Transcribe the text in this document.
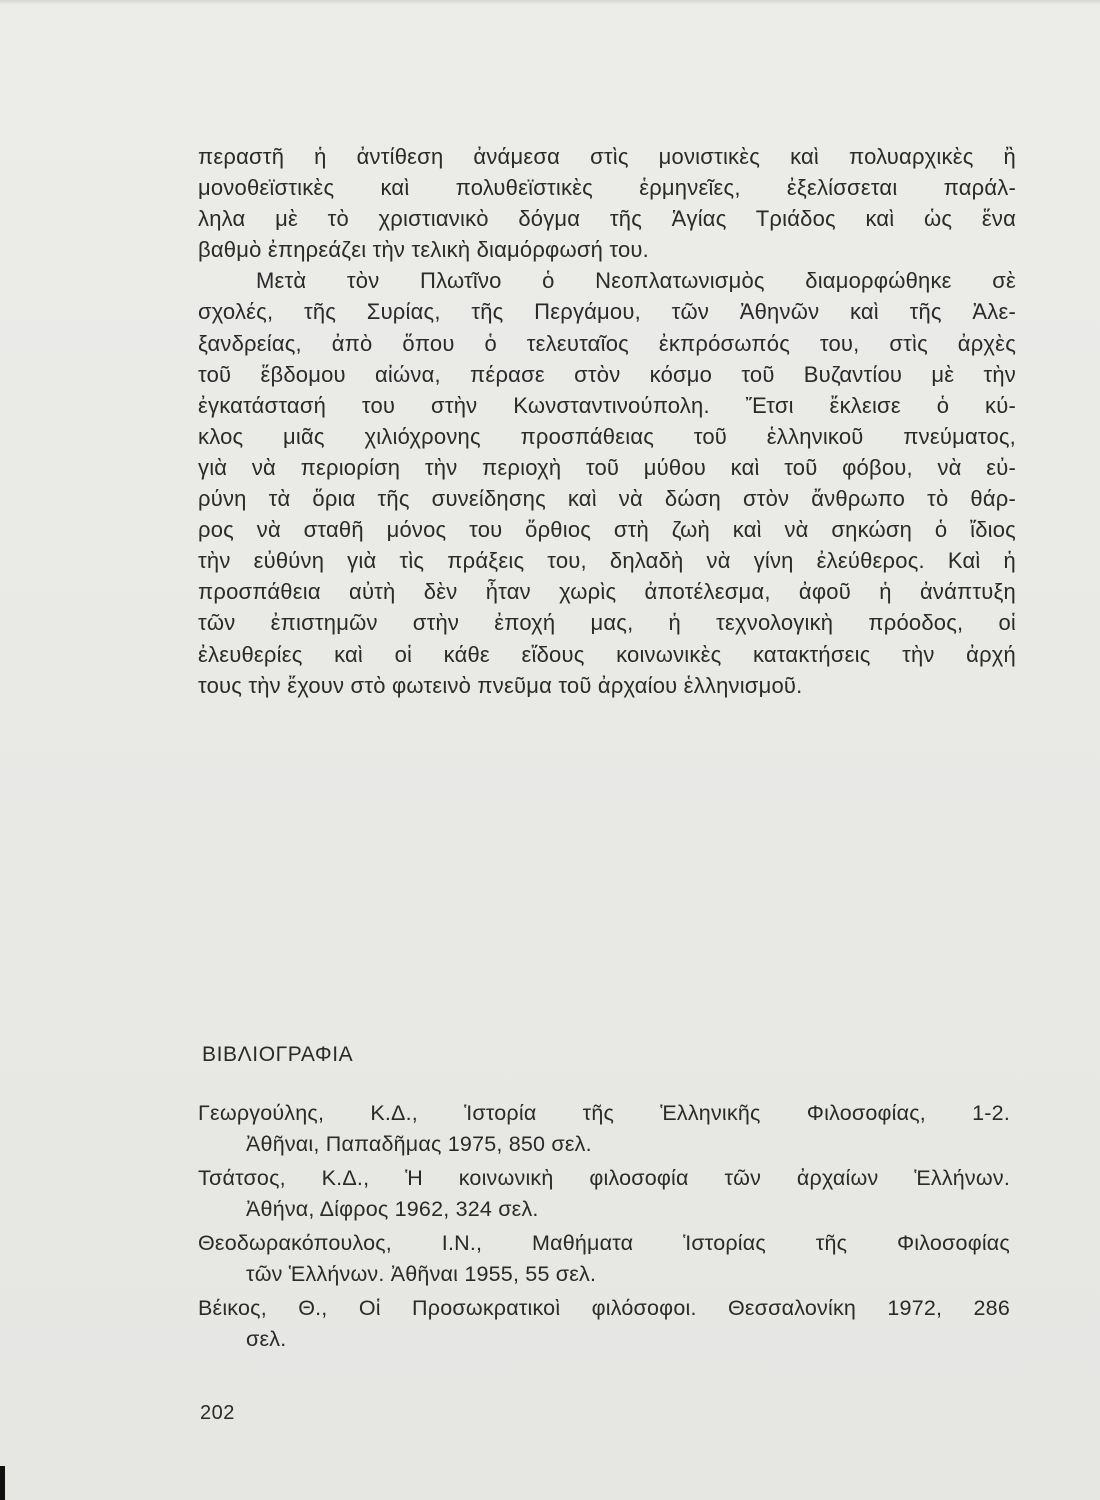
περαστῆ ἡ ἀντίθεση ἀνάμεσα στὶς μονιστικὲς καὶ πολυαρχικὲς ἢ
μονοθεϊστικὲς καὶ πολυθεϊστικὲς ἑρμηνεῖες, ἐξελίσσεται παράλ-
ληλα μὲ τὸ χριστιανικὸ δόγμα τῆς Ἁγίας Τριάδος καὶ ὡς ἕνα
βαθμὸ ἐπηρεάζει τὴν τελικὴ διαμόρφωσή του.
Μετὰ τὸν Πλωτῖνο ὁ Νεοπλατωνισμὸς διαμορφώθηκε σὲ
σχολές, τῆς Συρίας, τῆς Περγάμου, τῶν Ἀθηνῶν καὶ τῆς Ἀλε-
ξανδρείας, ἀπὸ ὅπου ὁ τελευταῖος ἐκπρόσωπός του, στὶς ἀρχὲς
τοῦ ἕβδομου αἰώνα, πέρασε στὸν κόσμο τοῦ Βυζαντίου μὲ τὴν
ἐγκατάστασή του στὴν Κωνσταντινούπολη. Ἔτσι ἔκλεισε ὁ κύ-
κλος μιᾶς χιλιόχρονης προσπάθειας τοῦ ἑλληνικοῦ πνεύματος,
γιὰ νὰ περιορίση τὴν περιοχὴ τοῦ μύθου καὶ τοῦ φόβου, νὰ εὐ-
ρύνη τὰ ὅρια τῆς συνείδησης καὶ νὰ δώση στὸν ἄνθρωπο τὸ θάρ-
ρος νὰ σταθῆ μόνος του ὄρθιος στὴ ζωὴ καὶ νὰ σηκώση ὁ ἴδιος
τὴν εὐθύνη γιὰ τὶς πράξεις του, δηλαδὴ νὰ γίνη ἐλεύθερος. Καὶ ἡ
προσπάθεια αὐτὴ δὲν ἦταν χωρὶς ἀποτέλεσμα, ἀφοῦ ἡ ἀνάπτυξη
τῶν ἐπιστημῶν στὴν ἐποχή μας, ἡ τεχνολογικὴ πρόοδος, οἱ
ἐλευθερίες καὶ οἱ κάθε εἴδους κοινωνικὲς κατακτήσεις τὴν ἀρχή
τους τὴν ἔχουν στὸ φωτεινὸ πνεῦμα τοῦ ἀρχαίου ἑλληνισμοῦ.
ΒΙΒΛΙΟΓΡΑΦΙΑ
Γεωργούλης, Κ.Δ., Ἱστορία τῆς Ἑλληνικῆς Φιλοσοφίας, 1-2.
Ἀθῆναι, Παπαδῆμας 1975, 850 σελ.
Τσάτσος, Κ.Δ., Ἡ κοινωνικὴ φιλοσοφία τῶν ἀρχαίων Ἑλλήνων.
Ἀθήνα, Δίφρος 1962, 324 σελ.
Θεοδωρακόπουλος, Ι.Ν., Μαθήματα Ἱστορίας τῆς Φιλοσοφίας
τῶν Ἑλλήνων. Ἀθῆναι 1955, 55 σελ.
Βέικος, Θ., Οἱ Προσωκρατικοὶ φιλόσοφοι. Θεσσαλονίκη 1972, 286
σελ.
202
